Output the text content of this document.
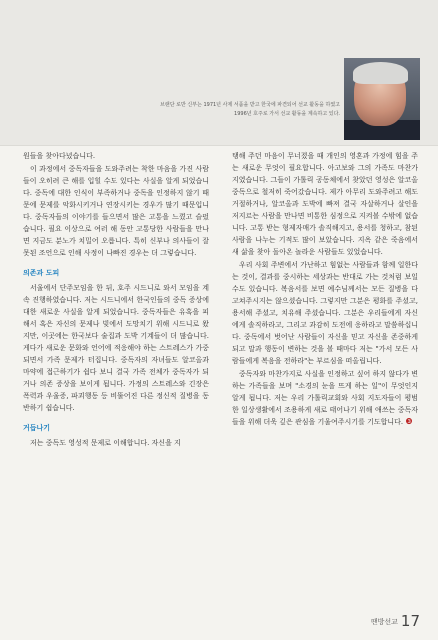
브랜단 로반 신부는 1971년 사제 서품을 받고 한국에 파견되어 선교 활동을 하였고
1996년 호주로 가서 선교 활동을 계속하고 있다.

원들을 찾아다녔습니다.

이 과정에서 중독자들을 도와주려는 착한 마음을 가진 사람들이 오히려 큰 해를 입힐 수도 있다는 사실을 알게 되었습니다. 중독에 대한 인식이 부족하거나 중독을 인정하지 않기 때문에 문제를 악화시키거나 연장시키는 경우가 많기 때문입니다. 중독자들의 이야기를 들으면서 많은 고통을 느꼈고 슬펐습니다. 필요 이상으로 여러 해 동안 고통당한 사람들을 만나면 지금도 분노가 치밀어 오릅니다. 특히 신부나 의사들이 잘못된 조언으로 인해 사정이 나빠진 경우는 더 그렇습니다.

의존과 도피

서울에서 단주모임을 한 뒤, 호주 시드니로 와서 모임을 계속 진행하였습니다. 저는 시드니에서 한국인들의 중독 증상에 대한 새로운 사실을 알게 되었습니다. 중독자들은 유혹을 피해서 혹은 자신의 문제나 빚에서 도망치기 위해 시드니로 왔지만, 이곳에는 한국보다 술집과 도박 기계들이 더 많습니다. 게다가 새로운 문화와 언어에 적응해야 하는 스트레스가 가중되면서 가족 문제가 터집니다. 중독자의 자녀들도 알코올과 마약에 접근하기가 쉽다 보니 결국 가족 전체가 중독자가 되거나 의존 증상을 보이게 됩니다. 가정의 스트레스와 긴장은 폭력과 우울증, 파괴행동 등 비뚤어진 다른 정신적 질병을 동반하기 쉽습니다.

거듭나기

저는 중독도 영성적 문제로 이해합니다. 자신을 지

탱해 주던 마음이 무너졌을 때 개인의 영혼과 가정에 힘을 주는 새로운 무엇이 필요합니다. 아고보와 그의 가족도 마찬가지였습니다. 그들이 가톨릭 공동체에서 찾았던 영성은 알코올 중독으로 철저히 죽어갔습니다. 제가 아무리 도와주려고 해도 거절하거나, 알코올과 도박에 빠져 결국 자살하거나 살인을 저지르는 사람을 만나면 비통한 심정으로 지켜볼 수밖에 없습니다. 고통 받는 형제자매가 솔직해지고, 용서를 청하고, 참된 사람을 나누는 기적도 많이 보았습니다. 지옥 같은 죽음에서 새 삶을 찾아 돌아온 놀라운 사람들도 있었습니다.

우리 사회 주변에서 가난하고 힘없는 사람들과 함께 일한다는 것이, 결과를 중시하는 세상과는 반대로 가는 것처럼 보일 수도 있습니다. 복음서를 보면 예수님께서는 모든 질병을 다 고쳐주시지는 않으셨습니다. 그렇지만 그분은 평화를 주셨고, 용서해 주셨고, 치유해 주셨습니다. 그분은 우리들에게 자신에게 솔직하라고, 그리고 과감히 도전에 응하라고 말씀하십니다. 중독에서 벗어난 사람들이 자신을 믿고 자신을 존중하게 되고 말과 행동이 변하는 것을 볼 때마다 저는 "가서 모든 사람들에게 복음을 전하라"는 부르심을 떠올립니다.

중독자와 마찬가지로 사실을 인정하고 싶어 하지 않다가 변하는 가족들을 보며 "소경의 눈을 뜨게 하는 일"이 무엇인지 알게 됩니다. 저는 우리 가톨릭교회와 사회 지도자들이 평범한 일상생활에서 조용하게 새로 태어나기 위해 애쓰는 중독자들을 위해 더욱 깊은 관심을 기울여주시기를 기도합니다. ❸

땐방선교 17
